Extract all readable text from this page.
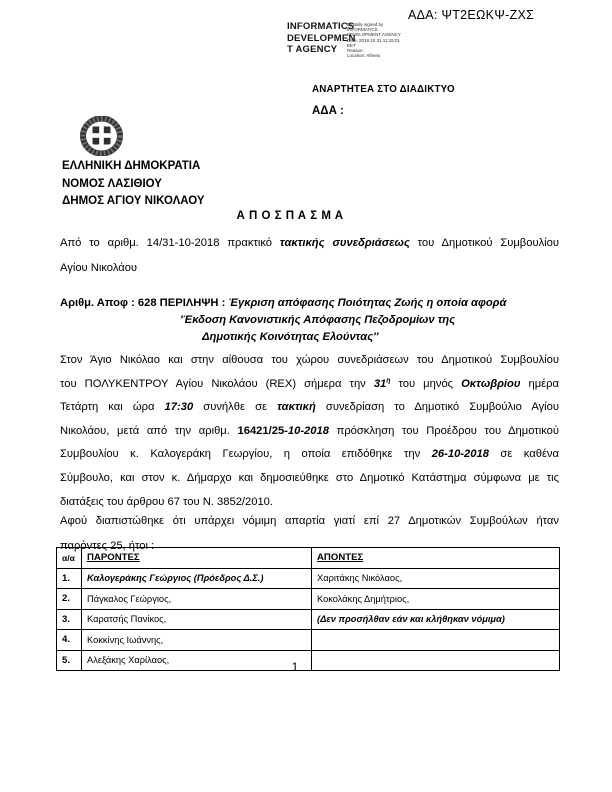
ΑΔΑ: ΨΤ2ΕΩΚΨ-ΖΧΣ
INFORMATICS
DEVELOPMEN
T AGENCY
Digitally signed by
INFORMATICS
DEVELOPMENT AGENCY
Date: 2018.10.31 11:15:01
EET
Reason:
Location: Athens
ΑΝΑΡΤΗΤΕΑ ΣΤΟ ΔΙΑΔΙΚΤΥΟ
ΑΔΑ :
ΕΛΛΗΝΙΚΗ ΔΗΜΟΚΡΑΤΙΑ
ΝΟΜΟΣ ΛΑΣΙΘΙΟΥ
ΔΗΜΟΣ ΑΓΙΟΥ ΝΙΚΟΛΑΟΥ
Α Π Ο Σ Π Α Σ Μ Α
Από το αριθμ. 14/31-10-2018 πρακτικό τακτικής συνεδριάσεως του Δημοτικού Συμβουλίου
Αγίου Νικολάου
Αριθμ. Αποφ : 628 ΠΕΡΙΛΗΨΗ : Έγκριση απόφασης Ποιότητας Ζωής η οποία αφορά
'Έκδοση Κανονιστικής Απόφασης Πεζοδρομίων της
Δημοτικής Κοινότητας Ελούντας''
Στον Άγιο Νικόλαο και στην αίθουσα του χώρου συνεδριάσεων του Δημοτικού Συμβουλίου
του ΠΟΛΥΚΕΝΤΡΟΥ Αγίου Νικολάου (REX) σήμερα την $31^\eta$ του μηνός Οκτωβρίου ημέρα
Τετάρτη και ώρα 17:30 συνήλθε σε τακτική συνεδρίαση το Δημοτικό Συμβούλιο Αγίου
Νικολάου, μετά από την αριθμ. 16421/25-10-2018 πρόσκληση του Προέδρου του Δημοτικού
Συμβουλίου κ. Καλογεράκη Γεωργίου, η οποία επιδόθηκε την 26-10-2018 σε καθένα
Σύμβουλο, και στον κ. Δήμαρχο και δημοσιεύθηκε στο Δημοτικό Κατάστημα σύμφωνα με τις
διατάξεις του άρθρου 67 του Ν. 3852/2010.
Αφού διαπιστώθηκε ότι υπάρχει νόμιμη απαρτία γιατί επί 27 Δημοτικών Συμβούλων ήταν
παρόντες 25, ήτοι :
α/α	ΠΑΡΟΝΤΕΣ	ΑΠΟΝΤΕΣ
1.	Καλογεράκης Γεώργιος (Πρόεδρος Δ.Σ.)	Χαριτάκης Νικόλαος,
2.	Πάγκαλος Γεώργιος,	Κοκολάκης Δημήτριος,
3.	Καρατσής Πανίκος,	(Δεν προσήλθαν εάν και κλήθηκαν νόμιμα)
4.	Κοκκίνης Ιωάννης,	
5.	Αλεξάκης Χαρίλαος,		1
